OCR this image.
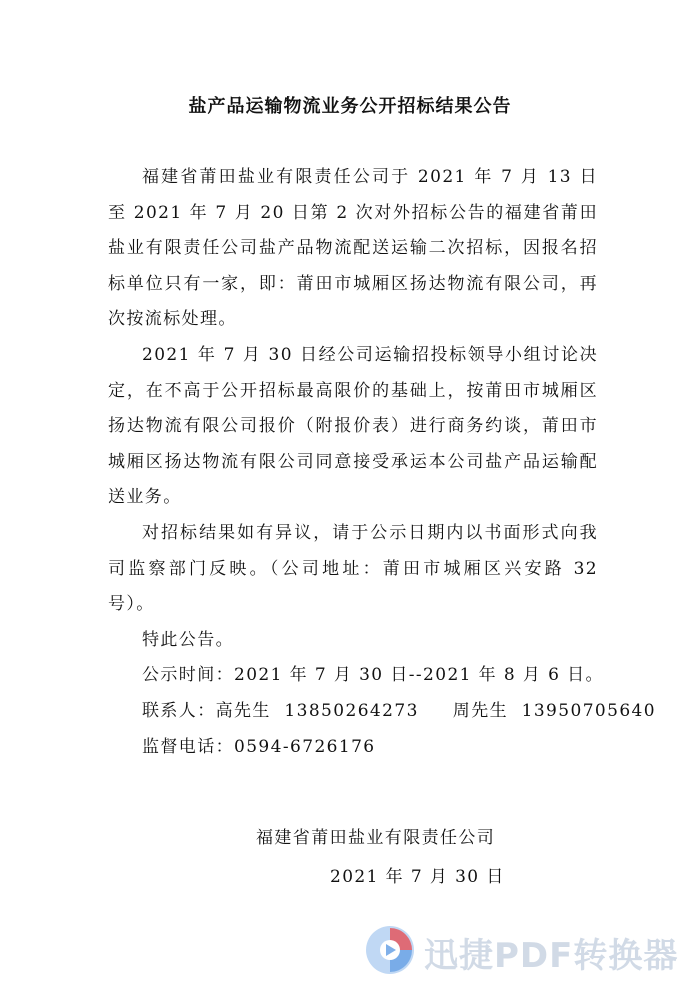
盐产品运输物流业务公开招标结果公告

福建省莆田盐业有限责任公司于 2021 年 7 月 13 日至 2021 年 7 月 20 日第 2 次对外招标公告的福建省莆田盐业有限责任公司盐产品物流配送运输二次招标，因报名招标单位只有一家，即：莆田市城厢区扬达物流有限公司，再次按流标处理。

2021 年 7 月 30 日经公司运输招投标领导小组讨论决定，在不高于公开招标最高限价的基础上，按莆田市城厢区扬达物流有限公司报价（附报价表）进行商务约谈，莆田市城厢区扬达物流有限公司同意接受承运本公司盐产品运输配送业务。

对招标结果如有异议，请于公示日期内以书面形式向我司监察部门反映。（公司地址：莆田市城厢区兴安路 32 号）。

特此公告。
公示时间：2021 年 7 月 30 日--2021 年 8 月 6 日。
联系人：高先生  13850264273     周先生  13950705640
监督电话：0594-6726176
福建省莆田盐业有限责任公司
2021 年 7 月 30 日
迅捷PDF转换器
